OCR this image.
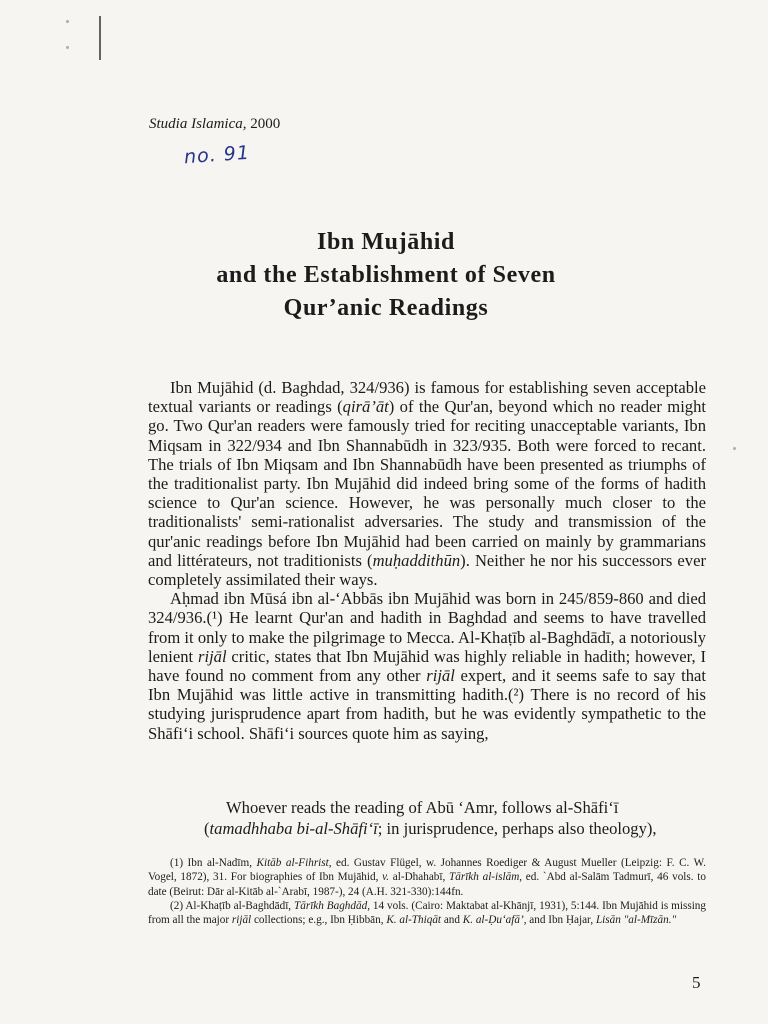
Studia Islamica, 2000

no. 91
Ibn Mujāhid
and the Establishment of Seven
Qur’anic Readings

Ibn Mujāhid (d. Baghdad, 324/936) is famous for establishing seven acceptable textual variants or readings (qirā’āt) of the Qur'an, beyond which no reader might go. Two Qur'an readers were famously tried for reciting unacceptable variants, Ibn Miqsam in 322/934 and Ibn Shannabūdh in 323/935. Both were forced to recant. The trials of Ibn Miqsam and Ibn Shannabūdh have been presented as triumphs of the traditionalist party. Ibn Mujāhid did indeed bring some of the forms of hadith science to Qur'an science. However, he was personally much closer to the traditionalists' semi-rationalist adversaries. The study and transmission of the qur'anic readings before Ibn Mujāhid had been carried on mainly by grammarians and littérateurs, not traditionists (muḥaddithūn). Neither he nor his successors ever completely assimilated their ways.

Aḥmad ibn Mūsá ibn al-‘Abbās ibn Mujāhid was born in 245/859-860 and died 324/936.(¹) He learnt Qur'an and hadith in Baghdad and seems to have travelled from it only to make the pilgrimage to Mecca. Al-Khaṭīb al-Baghdādī, a notoriously lenient rijāl critic, states that Ibn Mujāhid was highly reliable in hadith; however, I have found no comment from any other rijāl expert, and it seems safe to say that Ibn Mujāhid was little active in transmitting hadith.(²) There is no record of his studying jurisprudence apart from hadith, but he was evidently sympathetic to the Shāfi‘i school. Shāfi‘i sources quote him as saying,

Whoever reads the reading of Abū ‘Amr, follows al-Shāfi‘ī (tamadhhaba bi-al-Shāfi‘ī; in jurisprudence, perhaps also theology),

(1) Ibn al-Nadīm, Kitāb al-Fihrist, ed. Gustav Flügel, w. Johannes Roediger & August Mueller (Leipzig: F. C. W. Vogel, 1872), 31. For biographies of Ibn Mujāhid, v. al-Dhahabī, Tārīkh al-islām, ed. `Abd al-Salām Tadmurī, 46 vols. to date (Beirut: Dār al-Kitāb al-`Arabī, 1987-), 24 (A.H. 321-330):144fn.

(2) Al-Khaṭīb al-Baghdādī, Tārīkh Baghdād, 14 vols. (Cairo: Maktabat al-Khānjī, 1931), 5:144. Ibn Mujāhid is missing from all the major rijāl collections; e.g., Ibn Ḥibbān, K. al-Thiqāt and K. al-Ḍu‘afā’, and Ibn Ḥajar, Lisān "al-Mīzān."

5
